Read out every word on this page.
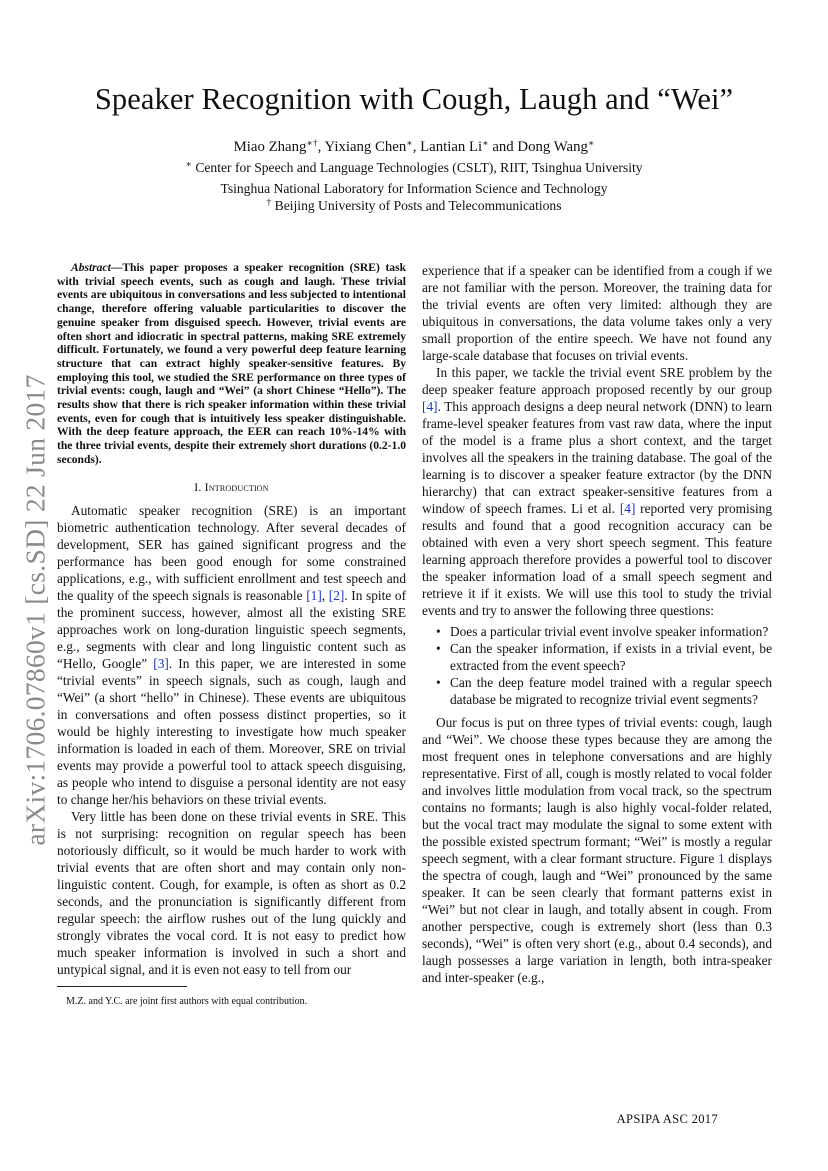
arXiv:1706.07860v1 [cs.SD] 22 Jun 2017
Speaker Recognition with Cough, Laugh and “Wei”
Miao Zhang∗†, Yixiang Chen∗, Lantian Li∗ and Dong Wang∗
∗ Center for Speech and Language Technologies (CSLT), RIIT, Tsinghua University
Tsinghua National Laboratory for Information Science and Technology
† Beijing University of Posts and Telecommunications

Abstract—This paper proposes a speaker recognition (SRE) task with trivial speech events, such as cough and laugh. These trivial events are ubiquitous in conversations and less subjected to intentional change, therefore offering valuable particularities to discover the genuine speaker from disguised speech. However, trivial events are often short and idiocratic in spectral patterns, making SRE extremely difficult. Fortunately, we found a very powerful deep feature learning structure that can extract highly speaker-sensitive features. By employing this tool, we studied the SRE performance on three types of trivial events: cough, laugh and “Wei” (a short Chinese “Hello”). The results show that there is rich speaker information within these trivial events, even for cough that is intuitively less speaker distinguishable. With the deep feature approach, the EER can reach 10%-14% with the three trivial events, despite their extremely short durations (0.2-1.0 seconds).

I. Introduction

Automatic speaker recognition (SRE) is an important biometric authentication technology. After several decades of development, SER has gained significant progress and the performance has been good enough for some constrained applications, e.g., with sufficient enrollment and test speech and the quality of the speech signals is reasonable [1], [2]. In spite of the prominent success, however, almost all the existing SRE approaches work on long-duration linguistic speech segments, e.g., segments with clear and long linguistic content such as “Hello, Google” [3]. In this paper, we are interested in some “trivial events” in speech signals, such as cough, laugh and “Wei” (a short “hello” in Chinese). These events are ubiquitous in conversations and often possess distinct properties, so it would be highly interesting to investigate how much speaker information is loaded in each of them. Moreover, SRE on trivial events may provide a powerful tool to attack speech disguising, as people who intend to disguise a personal identity are not easy to change her/his behaviors on these trivial events.

Very little has been done on these trivial events in SRE. This is not surprising: recognition on regular speech has been notoriously difficult, so it would be much harder to work with trivial events that are often short and may contain only non-linguistic content. Cough, for example, is often as short as 0.2 seconds, and the pronunciation is significantly different from regular speech: the airflow rushes out of the lung quickly and strongly vibrates the vocal cord. It is not easy to predict how much speaker information is involved in such a short and untypical signal, and it is even not easy to tell from our

experience that if a speaker can be identified from a cough if we are not familiar with the person. Moreover, the training data for the trivial events are often very limited: although they are ubiquitous in conversations, the data volume takes only a very small proportion of the entire speech. We have not found any large-scale database that focuses on trivial events.

In this paper, we tackle the trivial event SRE problem by the deep speaker feature approach proposed recently by our group [4]. This approach designs a deep neural network (DNN) to learn frame-level speaker features from vast raw data, where the input of the model is a frame plus a short context, and the target involves all the speakers in the training database. The goal of the learning is to discover a speaker feature extractor (by the DNN hierarchy) that can extract speaker-sensitive features from a window of speech frames. Li et al. [4] reported very promising results and found that a good recognition accuracy can be obtained with even a very short speech segment. This feature learning approach therefore provides a powerful tool to discover the speaker information load of a small speech segment and retrieve it if it exists. We will use this tool to study the trivial events and try to answer the following three questions:

• Does a particular trivial event involve speaker information?
• Can the speaker information, if exists in a trivial event, be extracted from the event speech?
• Can the deep feature model trained with a regular speech database be migrated to recognize trivial event segments?

Our focus is put on three types of trivial events: cough, laugh and “Wei”. We choose these types because they are among the most frequent ones in telephone conversations and are highly representative. First of all, cough is mostly related to vocal folder and involves little modulation from vocal track, so the spectrum contains no formants; laugh is also highly vocal-folder related, but the vocal tract may modulate the signal to some extent with the possible existed spectrum formant; “Wei” is mostly a regular speech segment, with a clear formant structure. Figure 1 displays the spectra of cough, laugh and “Wei” pronounced by the same speaker. It can be seen clearly that formant patterns exist in “Wei” but not clear in laugh, and totally absent in cough. From another perspective, cough is extremely short (less than 0.3 seconds), “Wei” is often very short (e.g., about 0.4 seconds), and laugh possesses a large variation in length, both intra-speaker and inter-speaker (e.g.,

M.Z. and Y.C. are joint first authors with equal contribution.
APSIPA ASC 2017
